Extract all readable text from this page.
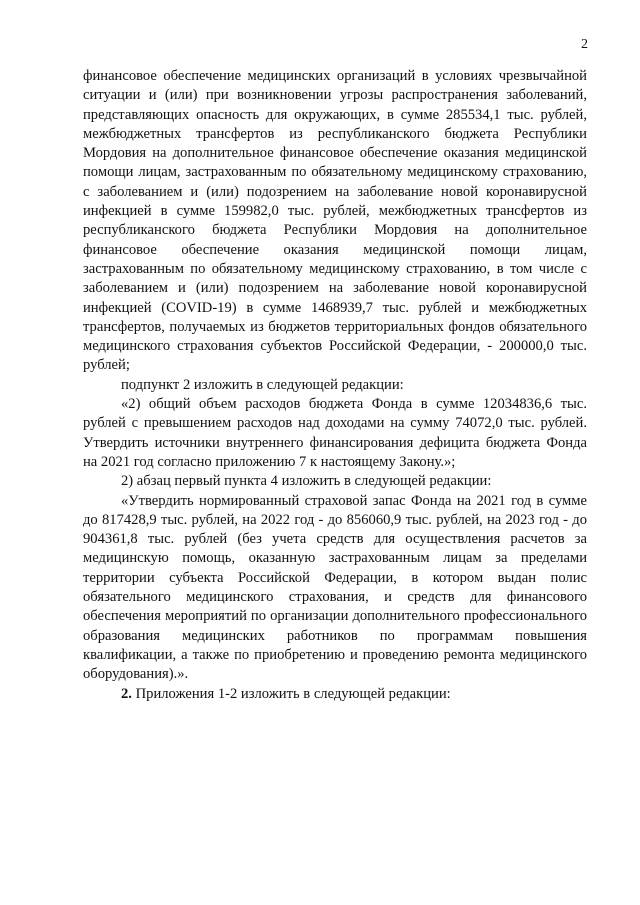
2

финансовое обеспечение медицинских организаций в условиях чрезвычайной ситуации и (или) при возникновении угрозы распространения заболеваний, представляющих опасность для окружающих, в сумме 285534,1 тыс. рублей, межбюджетных трансфертов из республиканского бюджета Республики Мордовия на дополнительное финансовое обеспечение оказания медицинской помощи лицам, застрахованным по обязательному медицинскому страхованию, с заболеванием и (или) подозрением на заболевание новой коронавирусной инфекцией в сумме 159982,0 тыс. рублей, межбюджетных трансфертов из республиканского бюджета Республики Мордовия на дополнительное финансовое обеспечение оказания медицинской помощи лицам, застрахованным по обязательному медицинскому страхованию, в том числе с заболеванием и (или) подозрением на заболевание новой коронавирусной инфекцией (COVID-19) в сумме 1468939,7 тыс. рублей и межбюджетных трансфертов, получаемых из бюджетов территориальных фондов обязательного медицинского страхования субъектов Российской Федерации, - 200000,0 тыс. рублей;

подпункт 2 изложить в следующей редакции:

«2) общий объем расходов бюджета Фонда в сумме 12034836,6 тыс. рублей с превышением расходов над доходами на сумму 74072,0 тыс. рублей. Утвердить источники внутреннего финансирования дефицита бюджета Фонда на 2021 год согласно приложению 7 к настоящему Закону.»;

2) абзац первый пункта 4 изложить в следующей редакции:

«Утвердить нормированный страховой запас Фонда на 2021 год в сумме до 817428,9 тыс. рублей, на 2022 год - до 856060,9 тыс. рублей, на 2023 год - до 904361,8 тыс. рублей (без учета средств для осуществления расчетов за медицинскую помощь, оказанную застрахованным лицам за пределами территории субъекта Российской Федерации, в котором выдан полис обязательного медицинского страхования, и средств для финансового обеспечения мероприятий по организации дополнительного профессионального образования медицинских работников по программам повышения квалификации, а также по приобретению и проведению ремонта медицинского оборудования).».

2. Приложения 1-2 изложить в следующей редакции:
